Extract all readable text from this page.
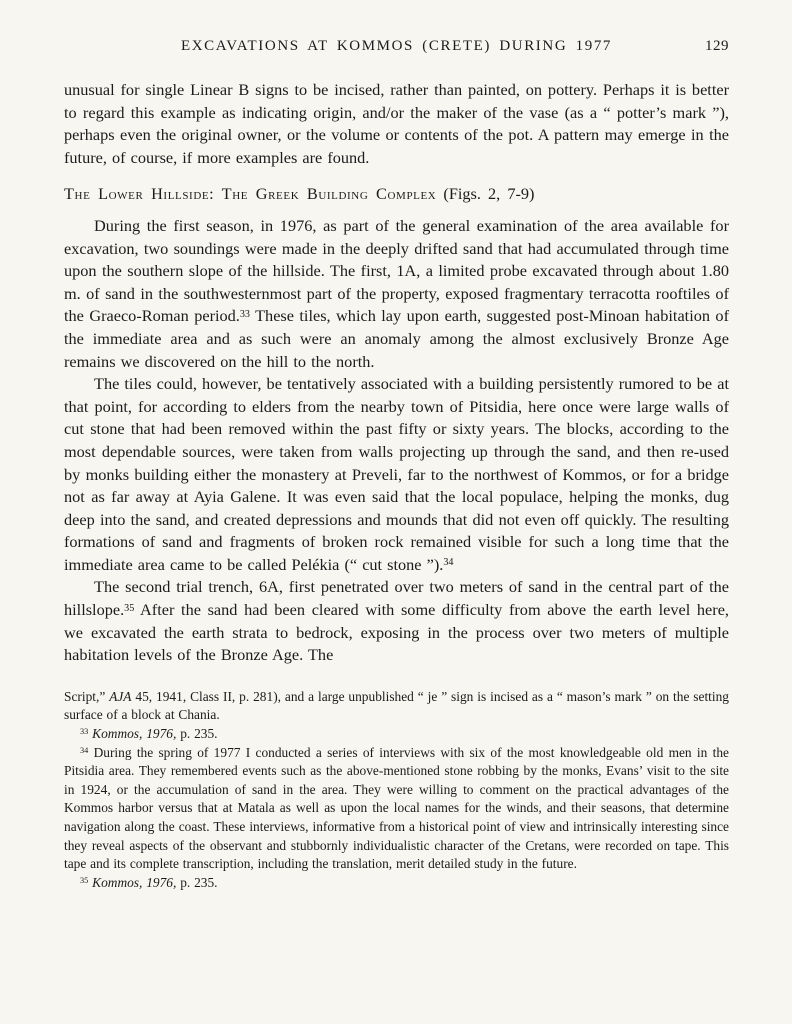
EXCAVATIONS AT KOMMOS (CRETE) DURING 1977	129

unusual for single Linear B signs to be incised, rather than painted, on pottery. Perhaps it is better to regard this example as indicating origin, and/or the maker of the vase (as a “ potter’s mark ”), perhaps even the original owner, or the volume or contents of the pot. A pattern may emerge in the future, of course, if more examples are found.

The Lower Hillside: The Greek Building Complex (Figs. 2, 7-9)

During the first season, in 1976, as part of the general examination of the area available for excavation, two soundings were made in the deeply drifted sand that had accumulated through time upon the southern slope of the hillside. The first, 1A, a limited probe excavated through about 1.80 m. of sand in the southwesternmost part of the property, exposed fragmentary terracotta rooftiles of the Graeco-Roman period.$^{33}$ These tiles, which lay upon earth, suggested post-Minoan habitation of the immediate area and as such were an anomaly among the almost exclusively Bronze Age remains we discovered on the hill to the north.

The tiles could, however, be tentatively associated with a building persistently rumored to be at that point, for according to elders from the nearby town of Pitsidia, here once were large walls of cut stone that had been removed within the past fifty or sixty years. The blocks, according to the most dependable sources, were taken from walls projecting up through the sand, and then re-used by monks building either the monastery at Preveli, far to the northwest of Kommos, or for a bridge not as far away at Ayia Galene. It was even said that the local populace, helping the monks, dug deep into the sand, and created depressions and mounds that did not even off quickly. The resulting formations of sand and fragments of broken rock remained visible for such a long time that the immediate area came to be called Pelékia (“ cut stone ”).$^{34}$

The second trial trench, 6A, first penetrated over two meters of sand in the central part of the hillslope.$^{35}$ After the sand had been cleared with some difficulty from above the earth level here, we excavated the earth strata to bedrock, exposing in the process over two meters of multiple habitation levels of the Bronze Age. The

Script,” AJA 45, 1941, Class II, p. 281), and a large unpublished “ je ” sign is incised as a “ mason’s mark ” on the setting surface of a block at Chania.

$^{33}$ Kommos, 1976, p. 235.

$^{34}$ During the spring of 1977 I conducted a series of interviews with six of the most knowledgeable old men in the Pitsidia area. They remembered events such as the above-mentioned stone robbing by the monks, Evans’ visit to the site in 1924, or the accumulation of sand in the area. They were willing to comment on the practical advantages of the Kommos harbor versus that at Matala as well as upon the local names for the winds, and their seasons, that determine navigation along the coast. These interviews, informative from a historical point of view and intrinsically interesting since they reveal aspects of the observant and stubbornly individualistic character of the Cretans, were recorded on tape. This tape and its complete transcription, including the translation, merit detailed study in the future.

$^{35}$ Kommos, 1976, p. 235.
